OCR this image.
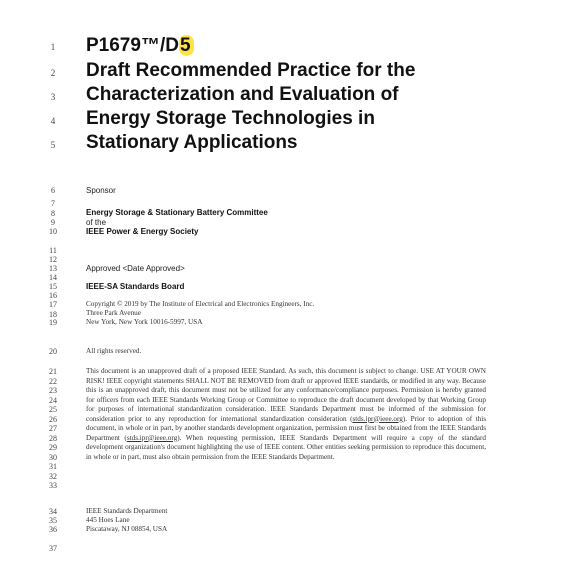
1
2
3
4
5
P1679™/D5
Draft Recommended Practice for the
Characterization and Evaluation of
Energy Storage Technologies in
Stationary Applications
6
7
8
9
10
11
12
13
14
15
16
17
18
19
20
21
22
23
24
25
26
27
28
29
30
31
32
33
34
35
36
37
Sponsor
Energy Storage & Stationary Battery Committee
of the
IEEE Power & Energy Society
Approved <Date Approved>
IEEE-SA Standards Board
Copyright © 2019 by The Institute of Electrical and Electronics Engineers, Inc.
Three Park Avenue
New York, New York 10016-5997, USA
All rights reserved.
This document is an unapproved draft of a proposed IEEE Standard. As such, this document is subject to change. USE AT YOUR OWN RISK! IEEE copyright statements SHALL NOT BE REMOVED from draft or approved IEEE standards, or modified in any way. Because this is an unapproved draft, this document must not be utilized for any conformance/compliance purposes. Permission is hereby granted for officers from each IEEE Standards Working Group or Committee to reproduce the draft document developed by that Working Group for purposes of international standardization consideration. IEEE Standards Department must be informed of the submission for consideration prior to any reproduction for international standardization consideration (stds.ipr@ieee.org). Prior to adoption of this document, in whole or in part, by another standards development organization, permission must first be obtained from the IEEE Standards Department (stds.ipr@ieee.org). When requesting permission, IEEE Standards Department will require a copy of the standard development organization's document highlighting the use of IEEE content. Other entities seeking permission to reproduce this document, in whole or in part, must also obtain permission from the IEEE Standards Department.
IEEE Standards Department
445 Hoes Lane
Piscataway, NJ 08854, USA
